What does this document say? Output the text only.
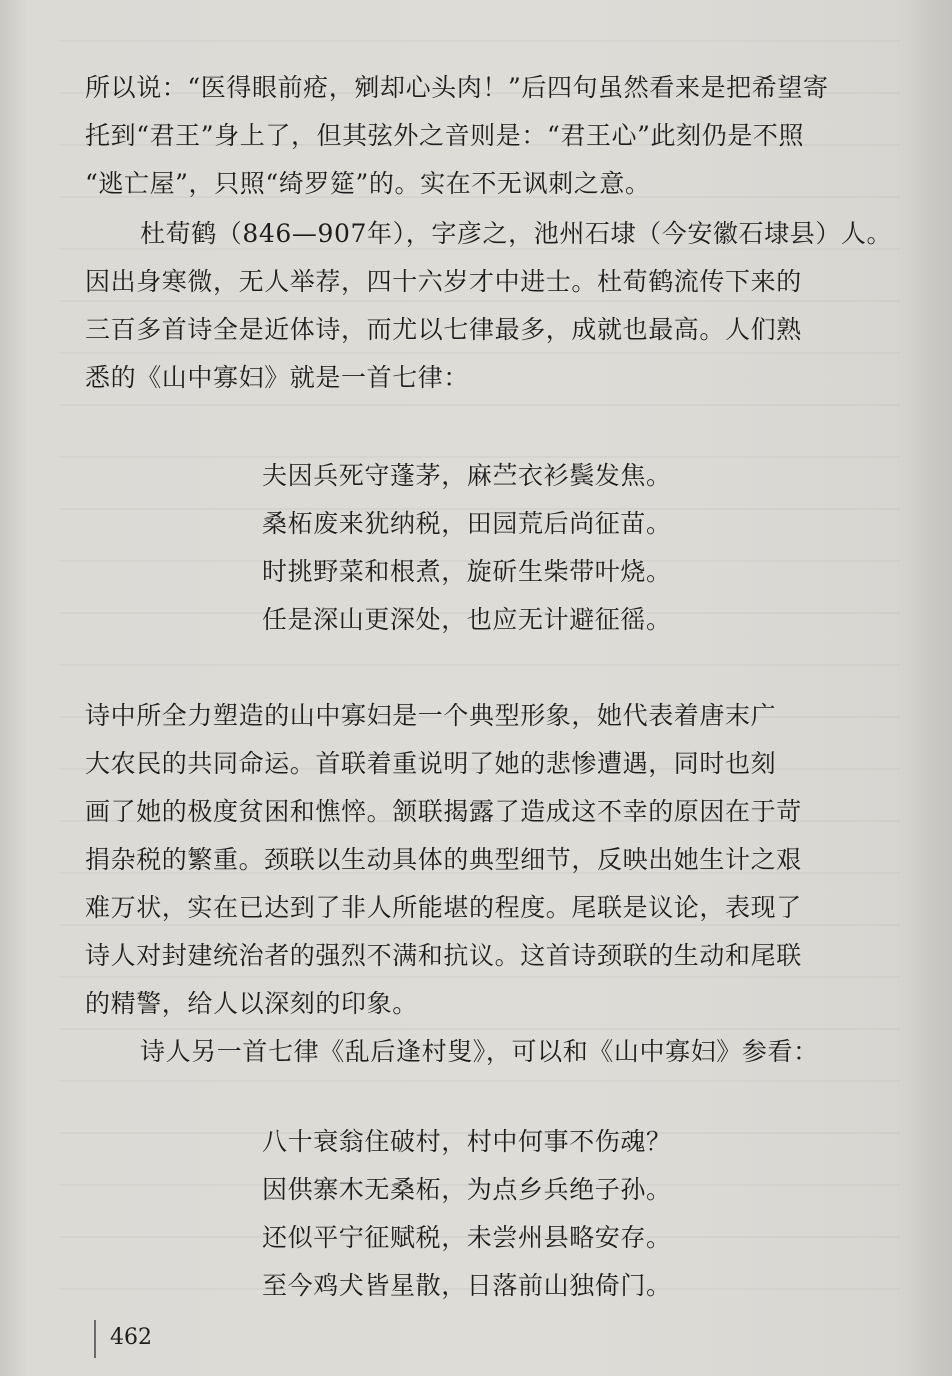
所以说：“医得眼前疮，剜却心头肉！”后四句虽然看来是把希望寄
托到“君王”身上了，但其弦外之音则是：“君王心”此刻仍是不照
“逃亡屋”，只照“绮罗筵”的。实在不无讽刺之意。
杜荀鹤（846—907年），字彦之，池州石埭（今安徽石埭县）人。
因出身寒微，无人举荐，四十六岁才中进士。杜荀鹤流传下来的
三百多首诗全是近体诗，而尤以七律最多，成就也最高。人们熟
悉的《山中寡妇》就是一首七律：
夫因兵死守蓬茅，麻苎衣衫鬓发焦。
桑柘废来犹纳税，田园荒后尚征苗。
时挑野菜和根煮，旋斫生柴带叶烧。
任是深山更深处，也应无计避征徭。
诗中所全力塑造的山中寡妇是一个典型形象，她代表着唐末广
大农民的共同命运。首联着重说明了她的悲惨遭遇，同时也刻
画了她的极度贫困和憔悴。颔联揭露了造成这不幸的原因在于苛
捐杂税的繁重。颈联以生动具体的典型细节，反映出她生计之艰
难万状，实在已达到了非人所能堪的程度。尾联是议论，表现了
诗人对封建统治者的强烈不满和抗议。这首诗颈联的生动和尾联
的精警，给人以深刻的印象。
诗人另一首七律《乱后逢村叟》，可以和《山中寡妇》参看：
八十衰翁住破村，村中何事不伤魂？
因供寨木无桑柘，为点乡兵绝子孙。
还似平宁征赋税，未尝州县略安存。
至今鸡犬皆星散，日落前山独倚门。
462
